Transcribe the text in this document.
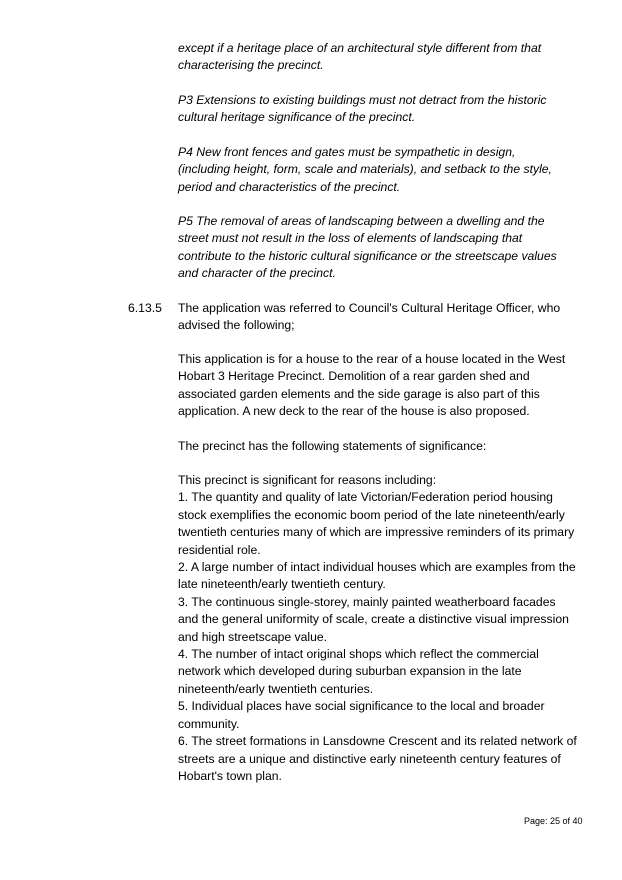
except if a heritage place of an architectural style different from that
characterising the precinct.
P3 Extensions to existing buildings must not detract from the historic
cultural heritage significance of the precinct.
P4 New front fences and gates must be sympathetic in design,
(including height, form, scale and materials), and setback to the style,
period and characteristics of the precinct.
P5 The removal of areas of landscaping between a dwelling and the
street must not result in the loss of elements of landscaping that
contribute to the historic cultural significance or the streetscape values
and character of the precinct.
6.13.5 The application was referred to Council's Cultural Heritage Officer, who
advised the following;
This application is for a house to the rear of a house located in the West
Hobart 3 Heritage Precinct. Demolition of a rear garden shed and
associated garden elements and the side garage is also part of this
application. A new deck to the rear of the house is also proposed.
The precinct has the following statements of significance:
This precinct is significant for reasons including:
1. The quantity and quality of late Victorian/Federation period housing
stock exemplifies the economic boom period of the late nineteenth/early
twentieth centuries many of which are impressive reminders of its primary
residential role.
2. A large number of intact individual houses which are examples from the
late nineteenth/early twentieth century.
3. The continuous single-storey, mainly painted weatherboard facades
and the general uniformity of scale, create a distinctive visual impression
and high streetscape value.
4. The number of intact original shops which reflect the commercial
network which developed during suburban expansion in the late
nineteenth/early twentieth centuries.
5. Individual places have social significance to the local and broader
community.
6. The street formations in Lansdowne Crescent and its related network of
streets are a unique and distinctive early nineteenth century features of
Hobart's town plan.
Page: 25 of 40
